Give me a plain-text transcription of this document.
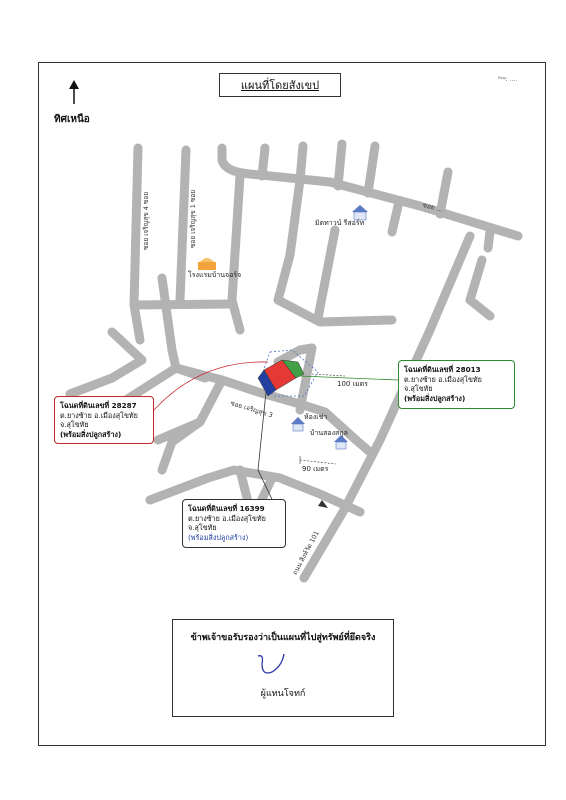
แผนที่โดยสังเขป	ᴿᵉᵍ: ....
ทิศเหนือ
มิตทาวน์ รีสอร์ท
โรงแรมบ้านจอร์จ
ห้องเช่า
บ้านสองสกุล
100 เมตร
90 เมตร
ซอย ...
ซอย เจริญสุข 3
ถนน สิงห์วัด 101
ซอย เจริญสุข 4 ซอย	ซอย เจริญสุข 1 ซอย
โฉนดที่ดินเลขที่ 28287
ต.ยางซ้าย อ.เมืองสุโขทัย
จ.สุโขทัย
(พร้อมสิ่งปลูกสร้าง)
โฉนดที่ดินเลขที่ 28013
ต.ยางซ้าย อ.เมืองสุโขทัย
จ.สุโขทัย
(พร้อมสิ่งปลูกสร้าง)
โฉนดที่ดินเลขที่ 16399
ต.ยางซ้าย อ.เมืองสุโขทัย
จ.สุโขทัย
(พร้อมสิ่งปลูกสร้าง)
ข้าพเจ้าขอรับรองว่าเป็นแผนที่ไปสู่ทรัพย์ที่ยึดจริง
ผู้แทนโจทก์
